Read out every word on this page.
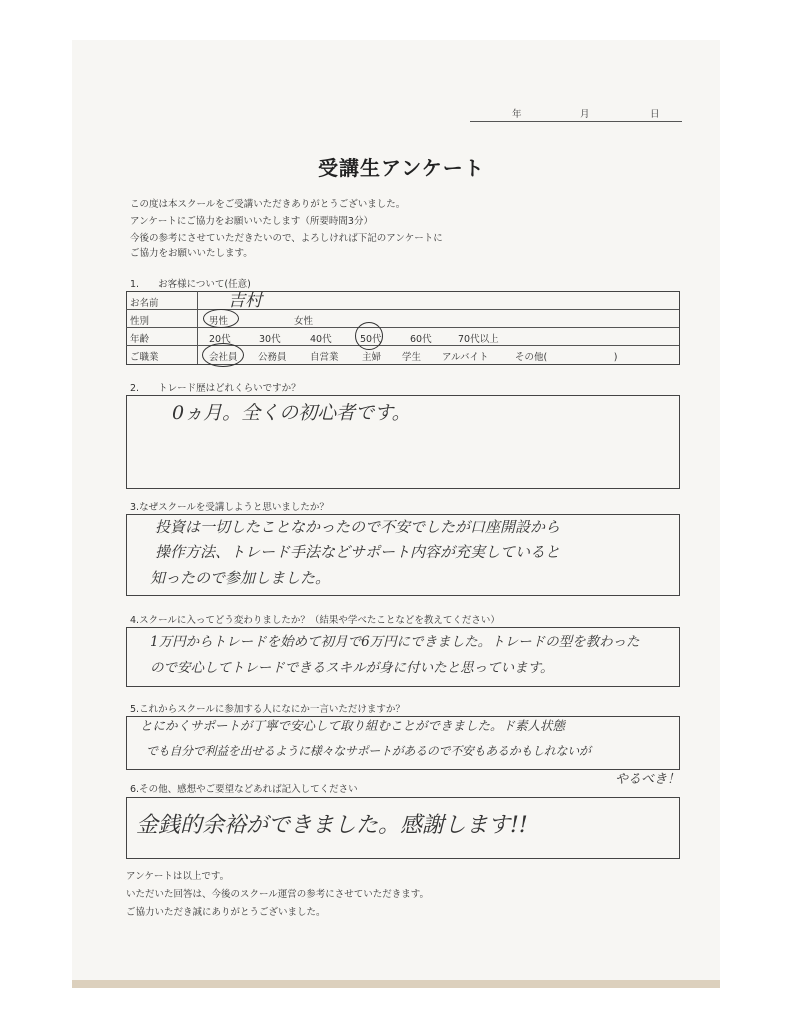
年	月	日
受講生アンケート
この度は本スクールをご受講いただきありがとうございました。
アンケートにご協力をお願いいたします（所要時間3分）
今後の参考にさせていただきたいので、よろしければ下記のアンケートに
ご協力をお願いいたします。
1.　　お客様について(任意)
お名前	吉村
性別	男性	女性
年齢	20代	30代	40代	50代	60代	70代以上
ご職業	会社員 公務員 自営業 主婦 学生 アルバイト	その他(　　　　　　　)
2.　　トレード歴はどれくらいですか？
0ヵ月。全くの初心者です。
3.なぜスクールを受講しようと思いましたか？
投資は一切したことなかったので不安でしたが口座開設から
操作方法、トレード手法などサポート内容が充実していると
知ったので参加しました。
4.スクールに入ってどう変わりましたか？（結果や学べたことなどを教えてください）
1万円からトレードを始めて初月で6万円にできました。トレードの型を教わった
ので安心してトレードできるスキルが身に付いたと思っています。
5.これからスクールに参加する人になにか一言いただけますか？
とにかくサポートが丁寧で安心して取り組むことができました。ド素人状態
でも自分で利益を出せるように様々なサポートがあるので不安もあるかもしれないが
やるべき！
6.その他、感想やご要望などあれば記入してください
金銭的余裕ができました。感謝します!!
アンケートは以上です。
いただいた回答は、今後のスクール運営の参考にさせていただきます。
ご協力いただき誠にありがとうございました。
